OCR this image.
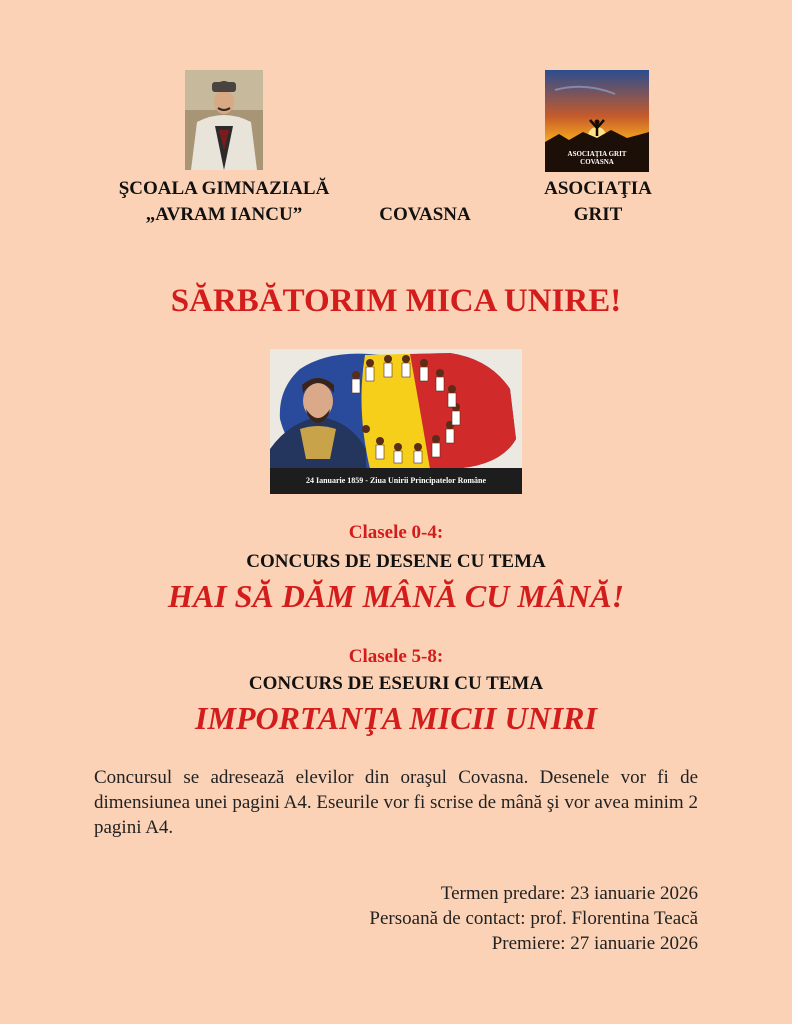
ASOCIAŢIA GRIT
COVASNA
ŞCOALA GIMNAZIALĂ
„AVRAM IANCU”	COVASNA
ASOCIAŢIA
GRIT
SĂRBĂTORIM MICA UNIRE!
24 Ianuarie 1859 - Ziua Unirii Principatelor Române
Clasele 0-4:
CONCURS DE DESENE CU TEMA
HAI SĂ DĂM MÂNĂ CU MÂNĂ!
Clasele 5-8:
CONCURS DE ESEURI CU TEMA
IMPORTANŢA MICII UNIRI
Concursul se adresează elevilor din oraşul Covasna. Desenele vor fi de dimensiunea unei pagini A4. Eseurile vor fi scrise de mână şi vor avea minim 2 pagini A4.
Termen predare: 23 ianuarie 2026
Persoană de contact: prof. Florentina Teacă
Premiere: 27 ianuarie 2026
